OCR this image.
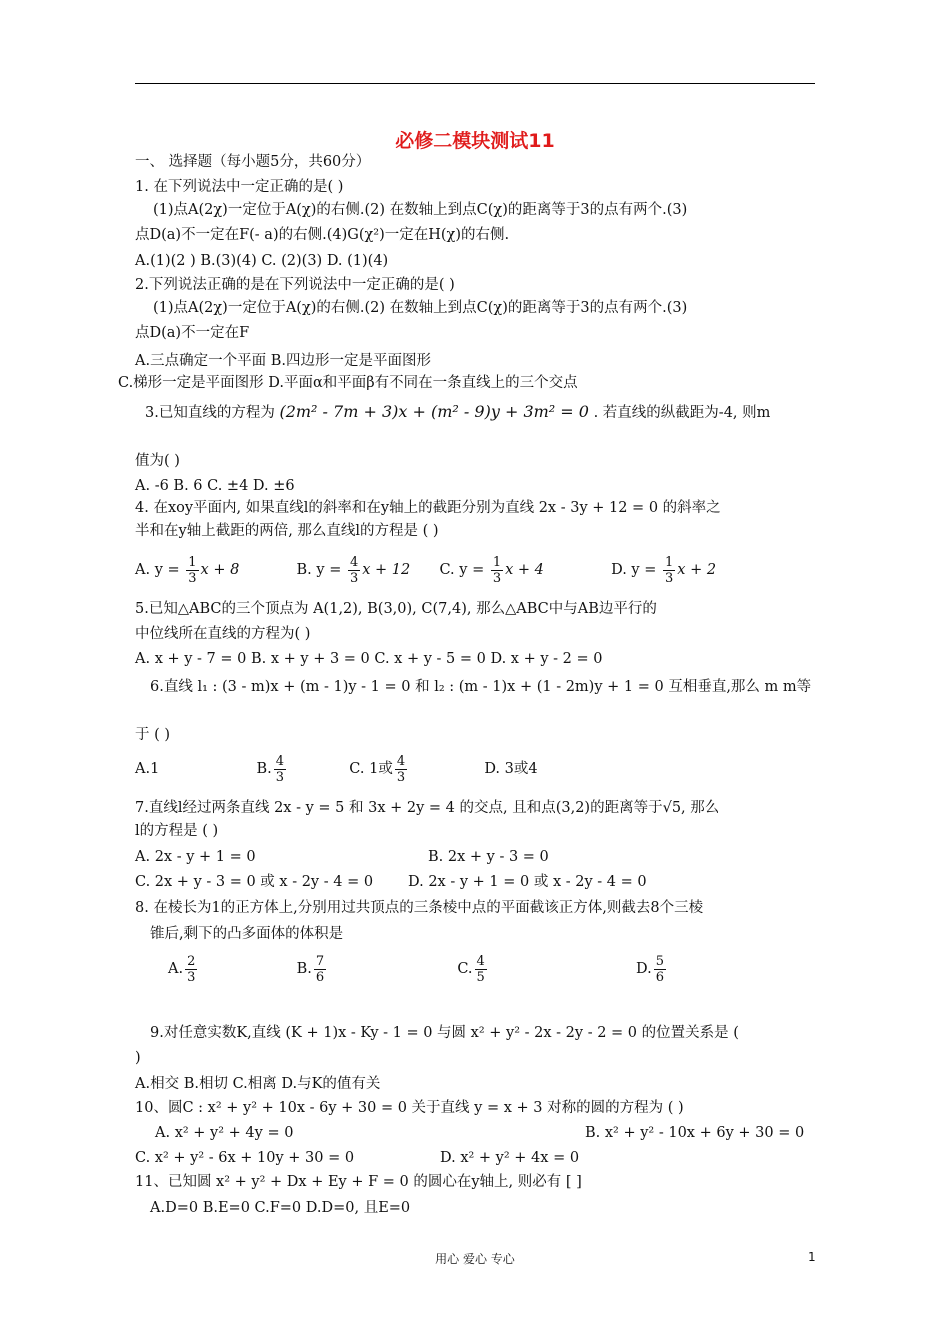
必修二模块测试11
一、 选择题（每小题5分，共60分）
1. 在下列说法中一定正确的是( )
(1)点A(2χ)一定位于A(χ)的右侧.(2) 在数轴上到点C(χ)的距离等于3的点有两个.(3)
点D(a)不一定在F(- a)的右侧.(4)G(χ²)一定在H(χ)的右侧.
A.(1)(2 ) B.(3)(4) C. (2)(3) D. (1)(4)
2.下列说法正确的是在下列说法中一定正确的是( )
(1)点A(2χ)一定位于A(χ)的右侧.(2) 在数轴上到点C(χ)的距离等于3的点有两个.(3)
点D(a)不一定在F
A.三点确定一个平面 B.四边形一定是平面图形
C.梯形一定是平面图形 D.平面α和平面β有不同在一条直线上的三个交点
3.已知直线的方程为 (2m² - 7m + 3)x + (m² - 9)y + 3m² = 0 . 若直线的纵截距为-4, 则m
值为( )
A. -6 B. 6 C. ±4 D. ±6
4. 在xoy平面内, 如果直线l的斜率和在y轴上的截距分别为直线 2x - 3y + 12 = 0 的斜率之
半和在y轴上截距的两倍, 那么直线l的方程是 ( )
A. $y = \frac{1}{3}$ x + 8	B. $y = \frac{4}{3}$ x + 12 C. $y = \frac{1}{3}$ x + 4	D. $y = \frac{1}{3}$ x + 2
5.已知△ABC的三个顶点为 A(1,2), B(3,0), C(7,4), 那么△ABC中与AB边平行的
中位线所在直线的方程为( )
A. x + y - 7 = 0 B. x + y + 3 = 0 C. x + y - 5 = 0 D. x + y - 2 = 0
6.直线 l₁ : (3 - m)x + (m - 1)y - 1 = 0 和 l₂ : (m - 1)x + (1 - 2m)y + 1 = 0 互相垂直,那么 m m等
于 ( )
A.1	B. $\frac{4}{3}$	C. 1或 $\frac{4}{3}$	D. 3或4
7.直线l经过两条直线 2x - y = 5 和 3x + 2y = 4 的交点, 且和点(3,2)的距离等于√5, 那么
l的方程是 ( )
A. 2x - y + 1 = 0	B. 2x + y - 3 = 0
C. 2x + y - 3 = 0 或 x - 2y - 4 = 0 D. 2x - y + 1 = 0 或 x - 2y - 4 = 0
8. 在棱长为1的正方体上,分别用过共顶点的三条棱中点的平面截该正方体,则截去8个三棱
锥后,剩下的凸多面体的体积是
A. $\frac{2}{3}$	B. $\frac{7}{6}$	C. $\frac{4}{5}$	D. $\frac{5}{6}$
9.对任意实数K,直线 (K + 1)x - Ky - 1 = 0 与圆 x² + y² - 2x - 2y - 2 = 0 的位置关系是 (
)
A.相交 B.相切 C.相离 D.与K的值有关
10、圆C : x² + y² + 10x - 6y + 30 = 0 关于直线 y = x + 3 对称的圆的方程为 ( )
A. x² + y² + 4y = 0	B. x² + y² - 10x + 6y + 30 = 0
C. x² + y² - 6x + 10y + 30 = 0	D. x² + y² + 4x = 0
11、已知圆 x² + y² + Dx + Ey + F = 0 的圆心在y轴上, 则必有 [ ]
A.D=0 B.E=0 C.F=0 D.D=0, 且E=0
用心 爱心 专心	1
